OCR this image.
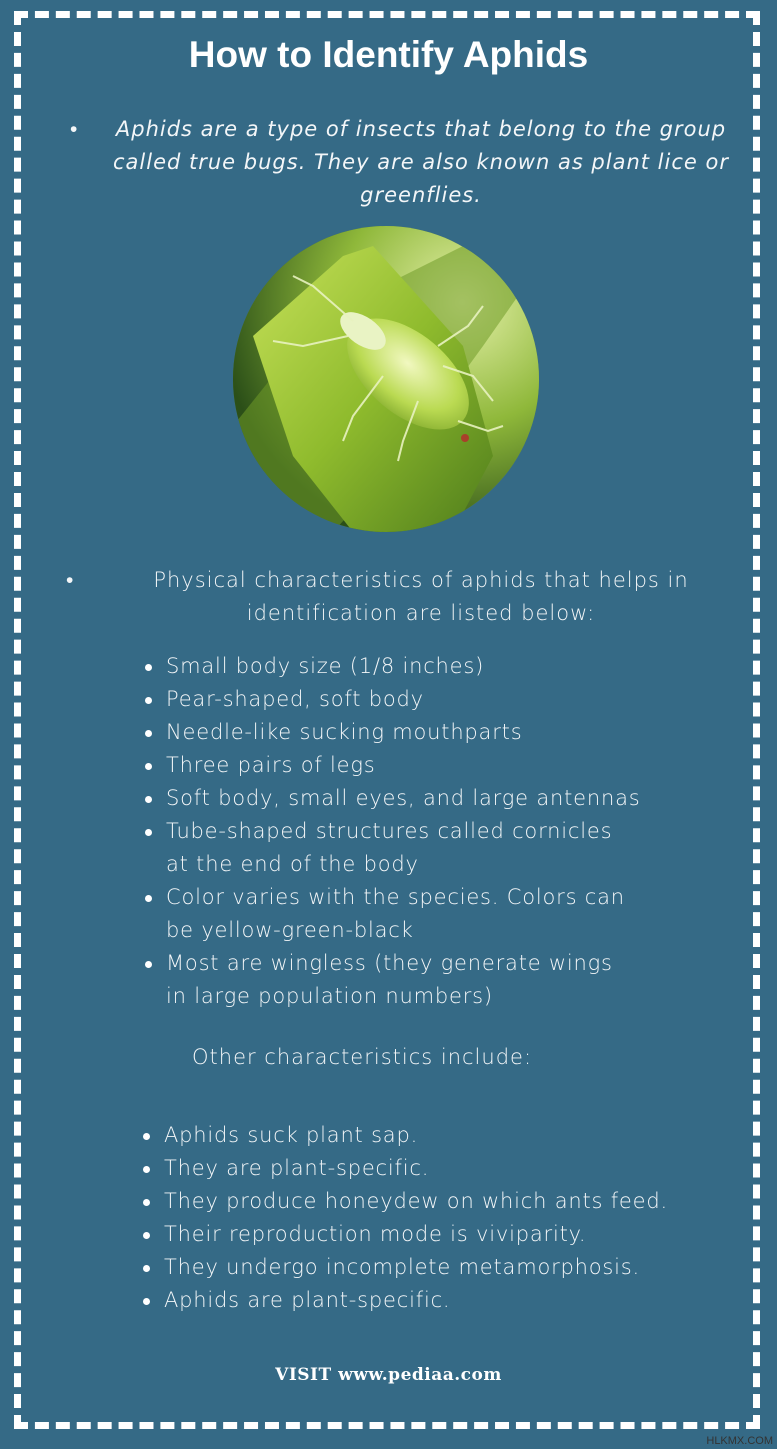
How to Identify Aphids
•	Aphids are a type of insects that belong to the group called true bugs. They are also known as plant lice or greenflies.
•	Physical characteristics of aphids that helps in identification are listed below:
Small body size (1/8 inches)
Pear-shaped, soft body
Needle-like sucking mouthparts
Three pairs of legs
Soft body, small eyes, and large antennas
Tube-shaped structures called cornicles at the end of the body
Color varies with the species. Colors can be yellow-green-black
Most are wingless (they generate wings in large population numbers)
Other characteristics include:
Aphids suck plant sap.
They are plant-specific.
They produce honeydew on which ants feed.
Their reproduction mode is viviparity.
They undergo incomplete metamorphosis.
Aphids are plant-specific.
VISIT www.pediaa.com
HLKMX.COM
